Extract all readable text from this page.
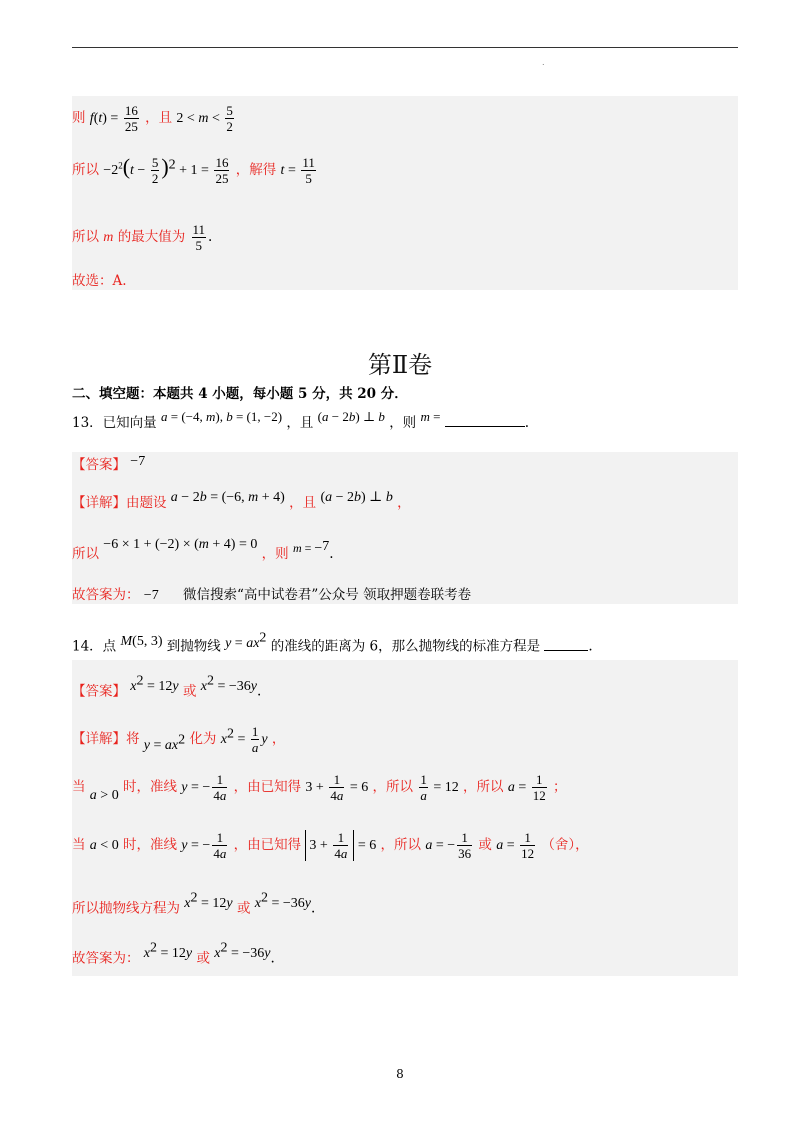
.
则 $f(t) = \frac{16}{25}$ ，且 $2 < m < \frac{5}{2}$
所以 $-2^2(t - \frac{5}{2} )^2 + 1 = \frac{16}{25}$ ，解得 $t = \frac{11}{5}$
所以 m 的最大值为 $\frac{11}{5}$ .
故选：A.
第Ⅱ卷
二、填空题：本题共 4 小题，每小题 5 分，共 20 分．
13．已知向量 a = (−4, m), b = (1, −2) ，且 (a − 2b) ⊥ b ，则 m =	.
【答案】 −7
【详解】由题设 a − 2b = (−6, m + 4) ，且 (a − 2b) ⊥ b ，
所以 −6 × 1 + (−2) × (m + 4) = 0 ，则 m = −7.
故答案为： −7 微信搜索“高中试卷君”公众号 领取押题卷联考卷
14．点 M(5, 3) 到抛物线 $y = ax^2$ 的准线的距离为 6，那么抛物线的标准方程是	.
【答案】 $x^2 = 12y$ 或 $x^2 = -36y$.
【详解】将 $y = ax^2$ 化为 $x^2 = \frac{1}{a}$ y ，
当 a > 0 时，准线 y = − $\frac{1}{4a}$ ，由已知得 $3 + \frac{1}{4a} = 6$ ，所以 $\frac{1}{a} = 12$ ，所以 $a = \frac{1}{12}$ ；
当 a < 0 时，准线 y = − $\frac{1}{4a}$ ，由已知得 $3 + \frac{1}{4a} = 6$ ，所以 a = − $\frac{1}{36}$ 或 $a = \frac{1}{12}$ （舍），
所以抛物线方程为 $x^2 = 12y$ 或 $x^2 = -36y$.
故答案为： $x^2 = 12y$ 或 $x^2 = -36y$.
8
